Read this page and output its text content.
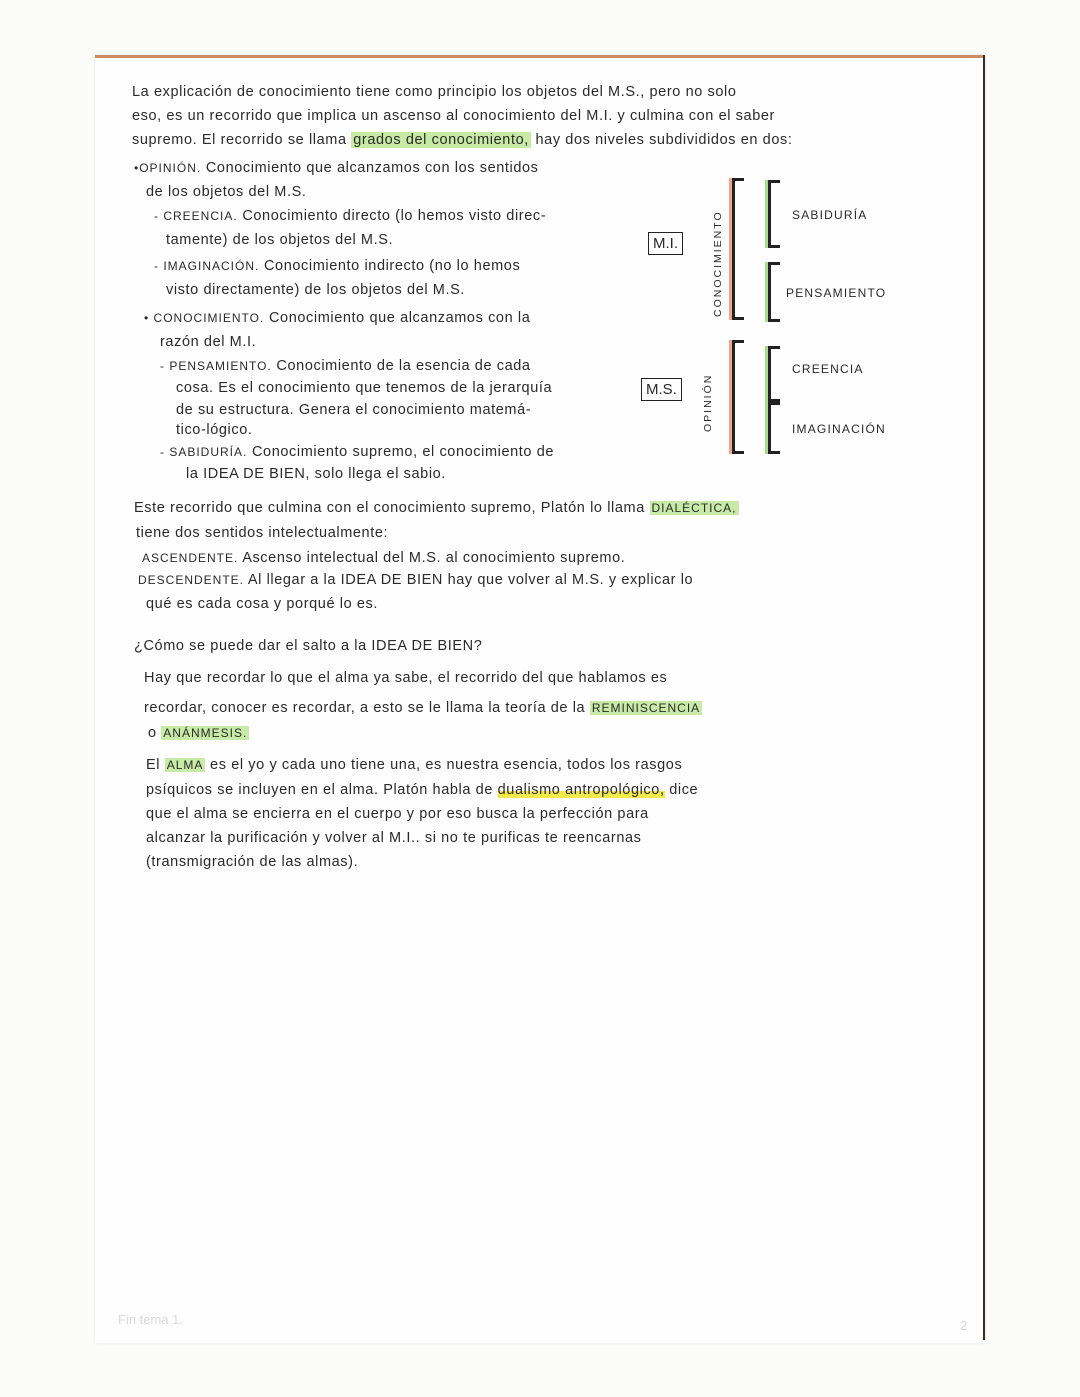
La explicación de conocimiento tiene como principio los objetos del M.S., pero no solo
eso, es un recorrido que implica un ascenso al conocimiento del M.I. y culmina con el saber
supremo. El recorrido se llama grados del conocimiento, hay dos niveles subdivididos en dos:
•OPINIÓN. Conocimiento que alcanzamos con los sentidos
de los objetos del M.S.
- CREENCIA. Conocimiento directo (lo hemos visto direc-
tamente) de los objetos del M.S.
- IMAGINACIÓN. Conocimiento indirecto (no lo hemos
visto directamente) de los objetos del M.S.
• CONOCIMIENTO. Conocimiento que alcanzamos con la
razón del M.I.
- PENSAMIENTO. Conocimiento de la esencia de cada
cosa. Es el conocimiento que tenemos de la jerarquía
de su estructura. Genera el conocimiento matemá-
tico-lógico.
- SABIDURÍA. Conocimiento supremo, el conocimiento de
la IDEA DE BIEN, solo llega el sabio.
M.I.	CONOCIMIENTO	SABIDURÍA
PENSAMIENTO
M.S.	OPINIÓN
CREENCIA
IMAGINACIÓN
Este recorrido que culmina con el conocimiento supremo, Platón lo llama DIALÉCTICA,
tiene dos sentidos intelectualmente:
ASCENDENTE. Ascenso intelectual del M.S. al conocimiento supremo.
DESCENDENTE. Al llegar a la IDEA DE BIEN hay que volver al M.S. y explicar lo
qué es cada cosa y porqué lo es.
¿Cómo se puede dar el salto a la IDEA DE BIEN?
Hay que recordar lo que el alma ya sabe, el recorrido del que hablamos es
recordar, conocer es recordar, a esto se le llama la teoría de la REMINISCENCIA
o ANÁNMESIS.
El ALMA es el yo y cada uno tiene una, es nuestra esencia, todos los rasgos
psíquicos se incluyen en el alma. Platón habla de dualismo antropológico, dice
que el alma se encierra en el cuerpo y por eso busca la perfección para
alcanzar la purificación y volver al M.I.. si no te purificas te reencarnas
(transmigración de las almas).
Fin tema 1.	2
